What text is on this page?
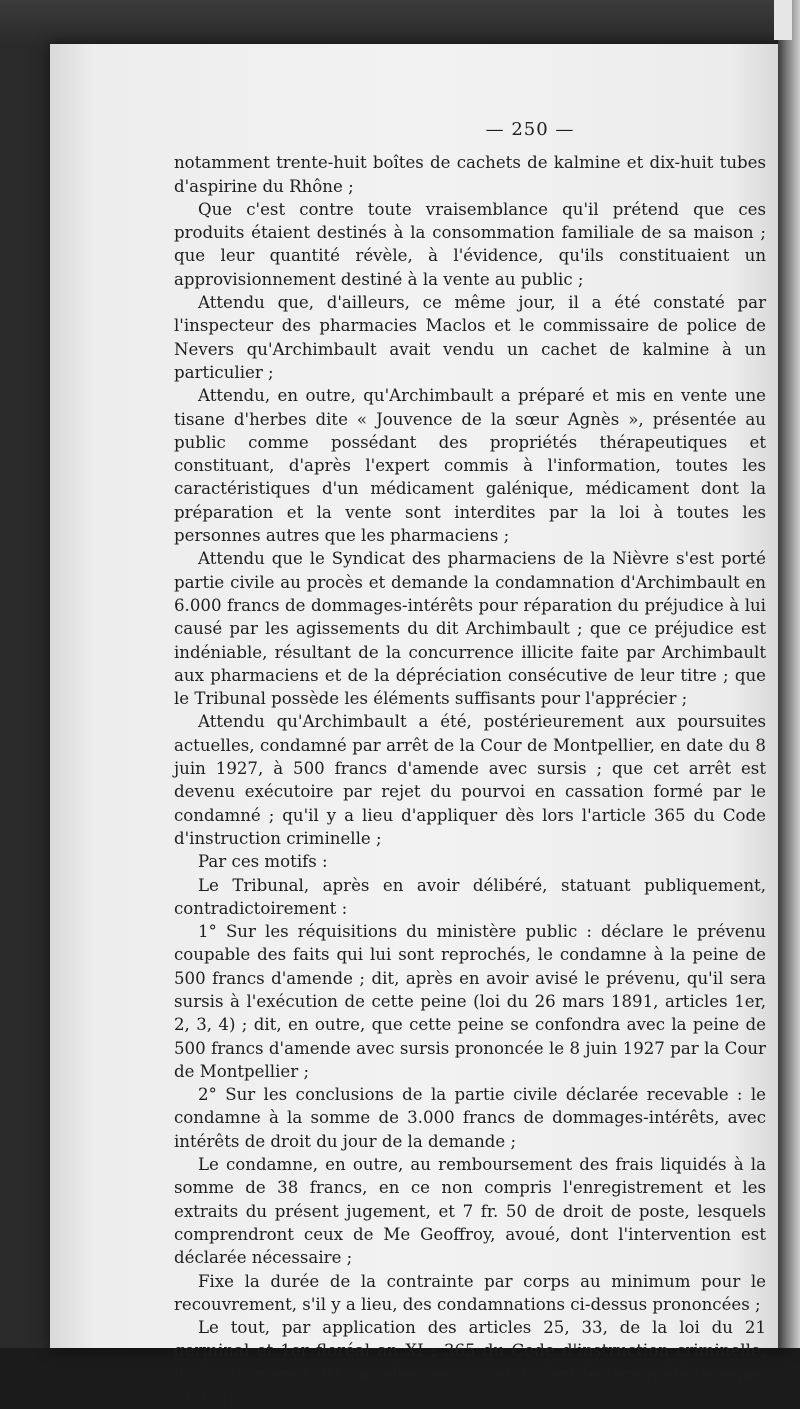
— 250 —

notamment trente-huit boîtes de cachets de kalmine et dix-huit tubes d'aspirine du Rhône ;

Que c'est contre toute vraisemblance qu'il prétend que ces produits étaient destinés à la consommation familiale de sa maison ; que leur quantité révèle, à l'évidence, qu'ils constituaient un approvisionnement destiné à la vente au public ;

Attendu que, d'ailleurs, ce même jour, il a été constaté par l'inspecteur des pharmacies Maclos et le commissaire de police de Nevers qu'Archimbault avait vendu un cachet de kalmine à un particulier ;

Attendu, en outre, qu'Archimbault a préparé et mis en vente une tisane d'herbes dite « Jouvence de la sœur Agnès », présentée au public comme possédant des propriétés thérapeutiques et constituant, d'après l'expert commis à l'information, toutes les caractéristiques d'un médicament galénique, médicament dont la préparation et la vente sont interdites par la loi à toutes les personnes autres que les pharmaciens ;

Attendu que le Syndicat des pharmaciens de la Nièvre s'est porté partie civile au procès et demande la condamnation d'Archimbault en 6.000 francs de dommages-intérêts pour réparation du préjudice à lui causé par les agissements du dit Archimbault ; que ce préjudice est indéniable, résultant de la concurrence illicite faite par Archimbault aux pharmaciens et de la dépréciation consécutive de leur titre ; que le Tribunal possède les éléments suffisants pour l'apprécier ;

Attendu qu'Archimbault a été, postérieurement aux poursuites actuelles, condamné par arrêt de la Cour de Montpellier, en date du 8 juin 1927, à 500 francs d'amende avec sursis ; que cet arrêt est devenu exécutoire par rejet du pourvoi en cassation formé par le condamné ; qu'il y a lieu d'appliquer dès lors l'article 365 du Code d'instruction criminelle ;

Par ces motifs :

Le Tribunal, après en avoir délibéré, statuant publiquement, contradictoirement :

1° Sur les réquisitions du ministère public : déclare le prévenu coupable des faits qui lui sont reprochés, le condamne à la peine de 500 francs d'amende ; dit, après en avoir avisé le prévenu, qu'il sera sursis à l'exécution de cette peine (loi du 26 mars 1891, articles 1er, 2, 3, 4) ; dit, en outre, que cette peine se confondra avec la peine de 500 francs d'amende avec sursis prononcée le 8 juin 1927 par la Cour de Montpellier ;

2° Sur les conclusions de la partie civile déclarée recevable : le condamne à la somme de 3.000 francs de dommages-intérêts, avec intérêts de droit du jour de la demande ;

Le condamne, en outre, au remboursement des frais liquidés à la somme de 38 francs, en ce non compris l'enregistrement et les extraits du présent jugement, et 7 fr. 50 de droit de poste, lesquels comprendront ceux de Me Geoffroy, avoué, dont l'intervention est déclarée nécessaire ;

Fixe la durée de la contrainte par corps au minimum pour le recouvrement, s'il y a lieu, des condamnations ci-dessus prononcées ;

Le tout, par application des articles 25, 33, de la loi du 21 germinal et 1er floréal an XI ; 365 du Code d'instruction criminelle, loi du 26 mars 1891, articles 1er, 2, 3 et 4, dont lecture a été faite par M. le président.
